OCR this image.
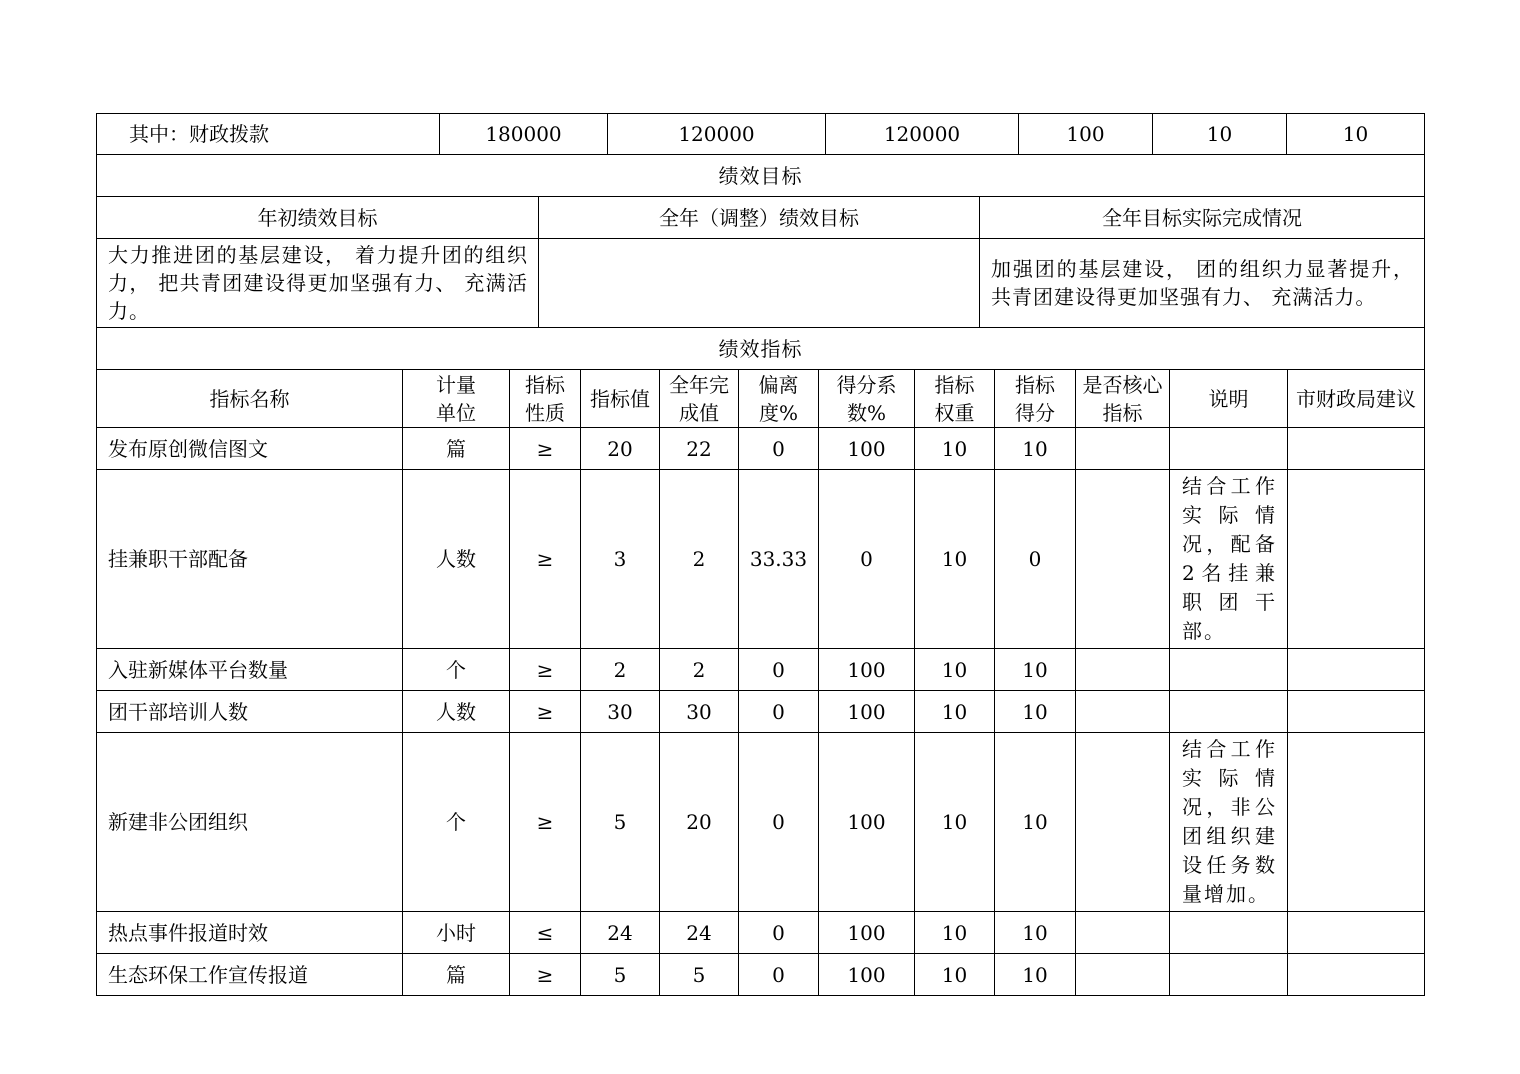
其中：财政拨款	180000	120000	120000	100	10	10
绩效目标		
年初绩效目标	全年（调整）绩效目标	全年目标实际完成情况
大力推进团的基层建设， 着力提升团的组织力， 把共青团建设得更加坚强有力、 充满活力。		加强团的基层建设， 团的组织力显著提升，共青团建设得更加坚强有力、 充满活力。
绩效指标		
指标名称	计量单位	指标性质	指标值	全年完成值	偏离度%	得分系数%	指标权重	指标得分	是否核心指标	说明	市财政局建议
发布原创微信图文	篇	≥	20	22	0	100	10	10			
挂兼职干部配备	人数	≥	3	2	33.33	0	10	0		结合工作实际情况，配备2名挂兼职团干部。	
入驻新媒体平台数量	个	≥	2	2	0	100	10	10			
团干部培训人数	人数	≥	30	30	0	100	10	10			
新建非公团组织	个	≥	5	20	0	100	10	10		结合工作实际情况，非公团组织建设任务数量增加。	
热点事件报道时效	小时	≤	24	24	0	100	10	10			
生态环保工作宣传报道	篇	≥	5	5	0	100	10	10			
